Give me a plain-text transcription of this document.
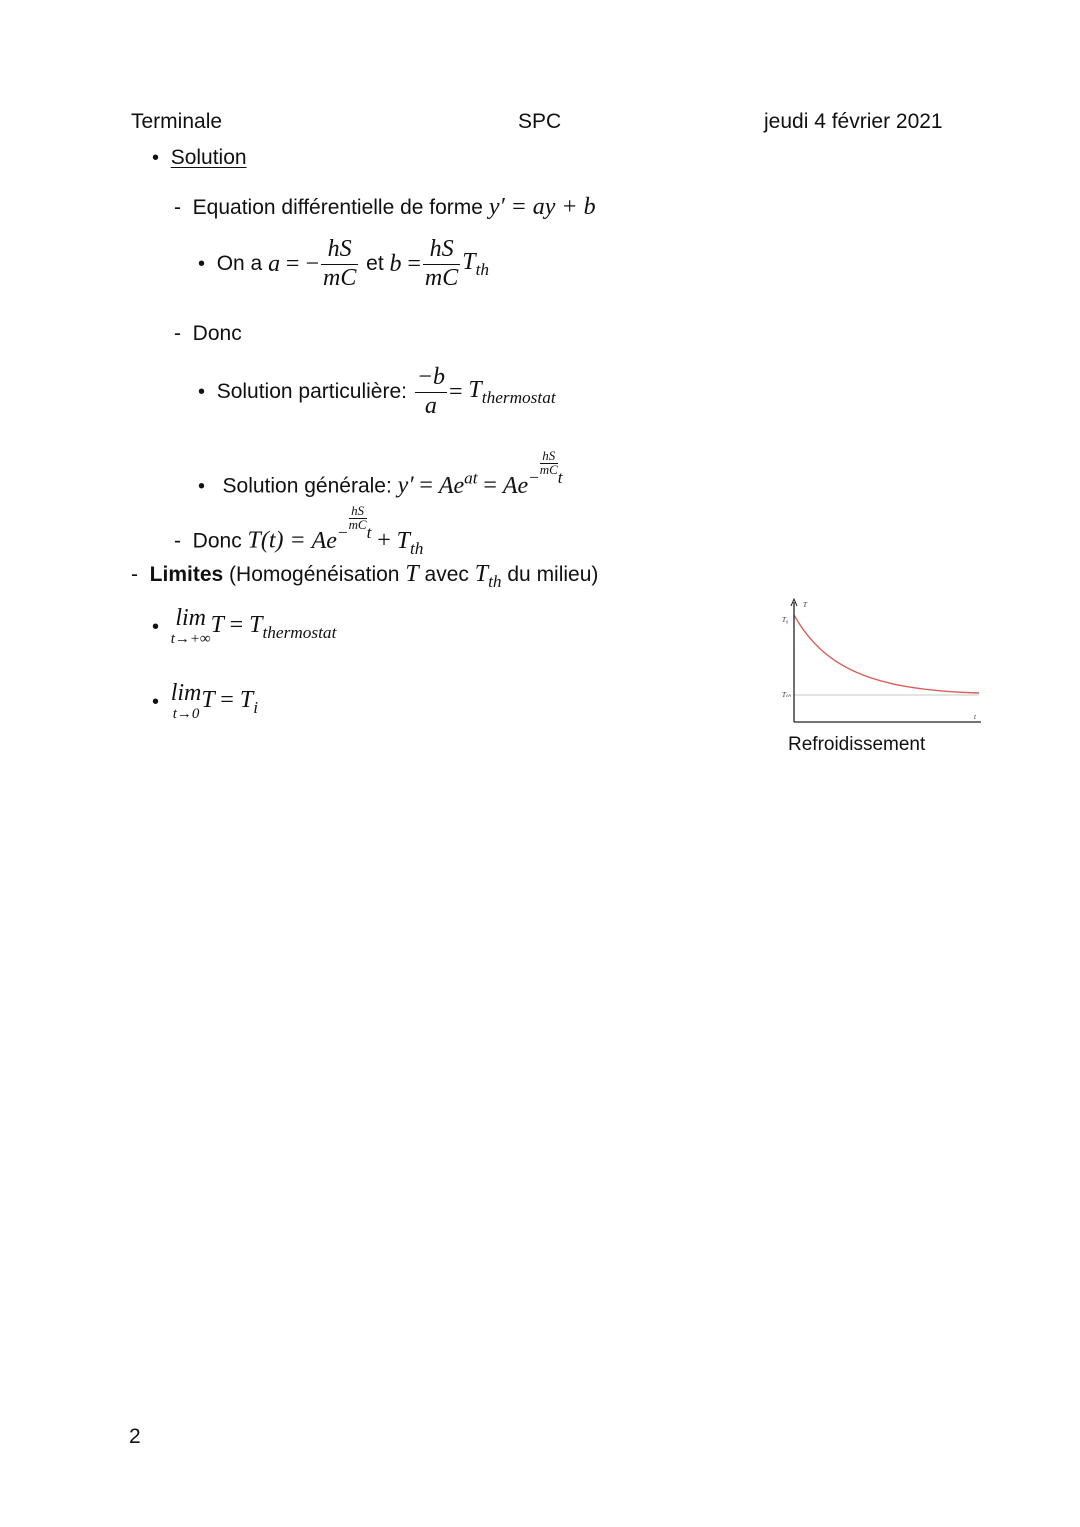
Terminale	SPC	jeudi 4 février 2021
• Solution
- Equation différentielle de forme y′ = ay + b
•
On a
a
= − $\frac{hS}{mC}$
et
b
= $\frac{hS}{mC} T_{th}$
- Donc
•
Solution particulière:
$\frac{-b}{a}$ =
$T_{thermostat}$
• Solution générale: $y' = Ae^{at} = Ae^{- \frac{hS}{mC} t}$
- Donc $T(t) = Ae^{- \frac{hS}{mC} t} + T_{th}$
- Limites (Homogénéisation T avec $T_{th}$ du milieu)
•
lim
t→+∞
$T = T_{thermostat}$
•
lim
t→0
$T = T_i$
T
T₀
Tₜₕ
t
Refroidissement
2
